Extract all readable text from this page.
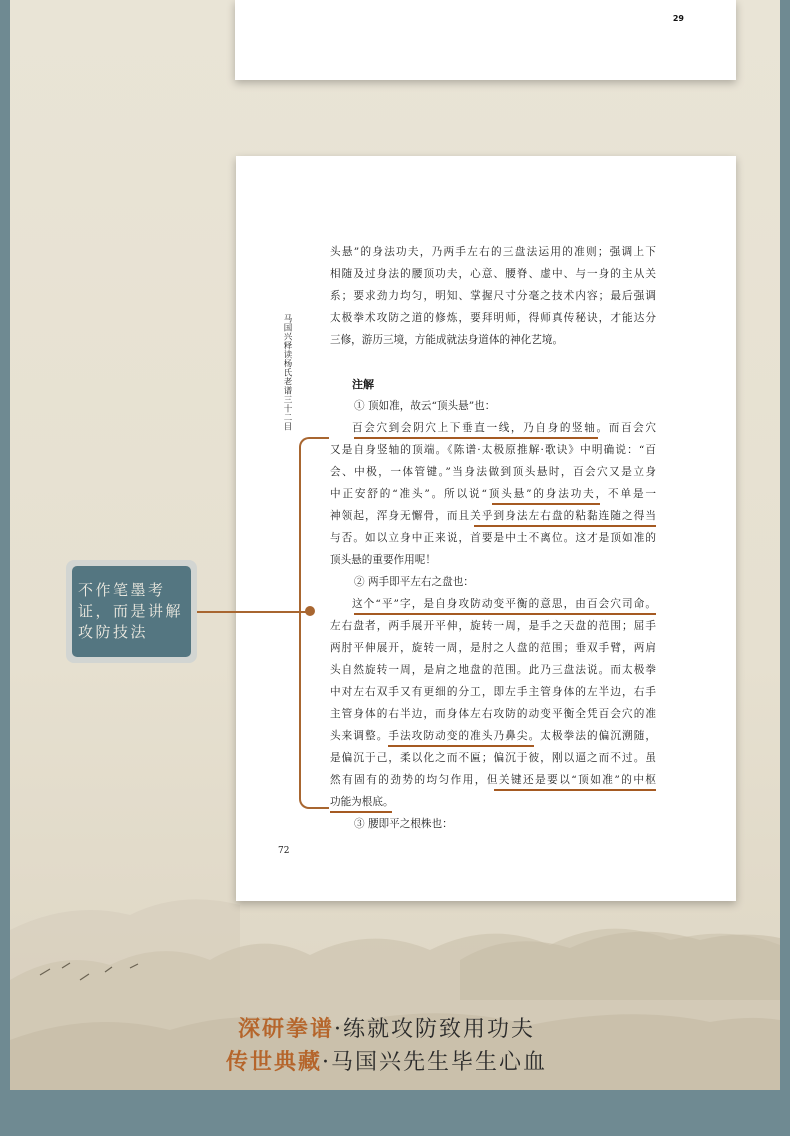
29
马国兴释读杨氏老谱三十二目
头悬”的身法功夫，乃两手左右的三盘法运用的准则；强调上下
相随及过身法的腰顶功夫，心意、腰脊、虚中、与一身的主从关
系；要求劲力均匀，明知、掌握尺寸分毫之技术内容；最后强调
太极拳术攻防之道的修炼，要拜明师，得师真传秘诀，才能达分
三修，游历三境，方能成就法身道体的神化艺境。
注解
① 顶如准，故云“顶头悬”也：
百会穴到会阴穴上下垂直一线，乃自身的竖轴。而百会穴
又是自身竖轴的顶端。《陈谱·太极原推解·歌诀》中明确说：“百
会、中极，一体管键。”当身法做到顶头悬时，百会穴又是立身
中正安舒的“准头”。所以说“顶头悬”的身法功夫，不单是一
神领起，浑身无懈骨，而且关乎到身法左右盘的粘黏连随之得当
与否。如以立身中正来说，首要是中土不离位。这才是顶如准的
顶头悬的重要作用呢！
② 两手即平左右之盘也：
这个“平”字，是自身攻防动变平衡的意思，由百会穴司命。
左右盘者，两手展开平伸，旋转一周，是手之天盘的范围；屈手
两肘平伸展开，旋转一周，是肘之人盘的范围；垂双手臂，两肩
头自然旋转一周，是肩之地盘的范围。此乃三盘法说。而太极拳
中对左右双手又有更细的分工，即左手主管身体的左半边，右手
主管身体的右半边，而身体左右攻防的动变平衡全凭百会穴的准
头来调整。手法攻防动变的准头乃鼻尖。太极拳法的偏沉溯随，
是偏沉于己，柔以化之而不匾；偏沉于彼，刚以逼之而不过。虽
然有固有的劲势的均匀作用，但关键还是要以“顶如准”的中枢
功能为根底。
③ 腰即平之根株也：
72
不作笔墨考证，而是讲解攻防技法
深研拳谱·练就攻防致用功夫
传世典藏·马国兴先生毕生心血
